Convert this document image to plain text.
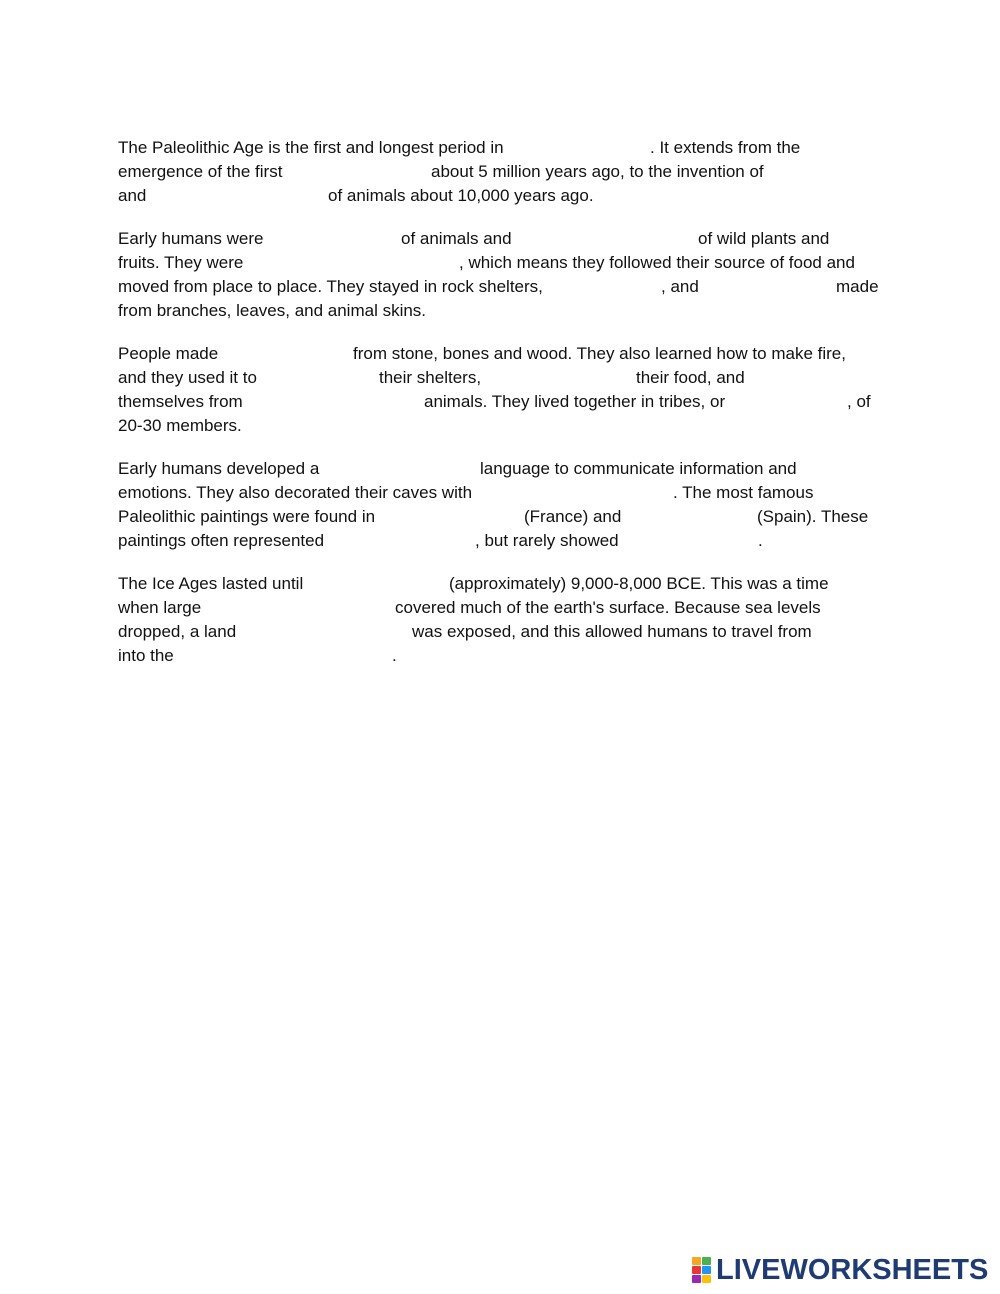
The Paleolithic Age is the first and longest period in	. It extends from the
emergence of the first	about 5 million years ago, to the invention of
and	of animals about 10,000 years ago.
Early humans were	of animals and	of wild plants and
fruits. They were	, which means they followed their source of food and
moved from place to place. They stayed in rock shelters,	, and	made
from branches, leaves, and animal skins.
People made	from stone, bones and wood. They also learned how to make fire,
and they used it to	their shelters,	their food, and
themselves from	animals. They lived together in tribes, or	, of
20-30 members.
Early humans developed a	language to communicate information and
emotions. They also decorated their caves with	. The most famous
Paleolithic paintings were found in	(France) and	(Spain). These
paintings often represented	, but rarely showed	.
The Ice Ages lasted until	(approximately) 9,000-8,000 BCE. This was a time
when large	covered much of the earth's surface. Because sea levels
dropped, a land	was exposed, and this allowed humans to travel from
into the	.
LIVEWORKSHEETS
